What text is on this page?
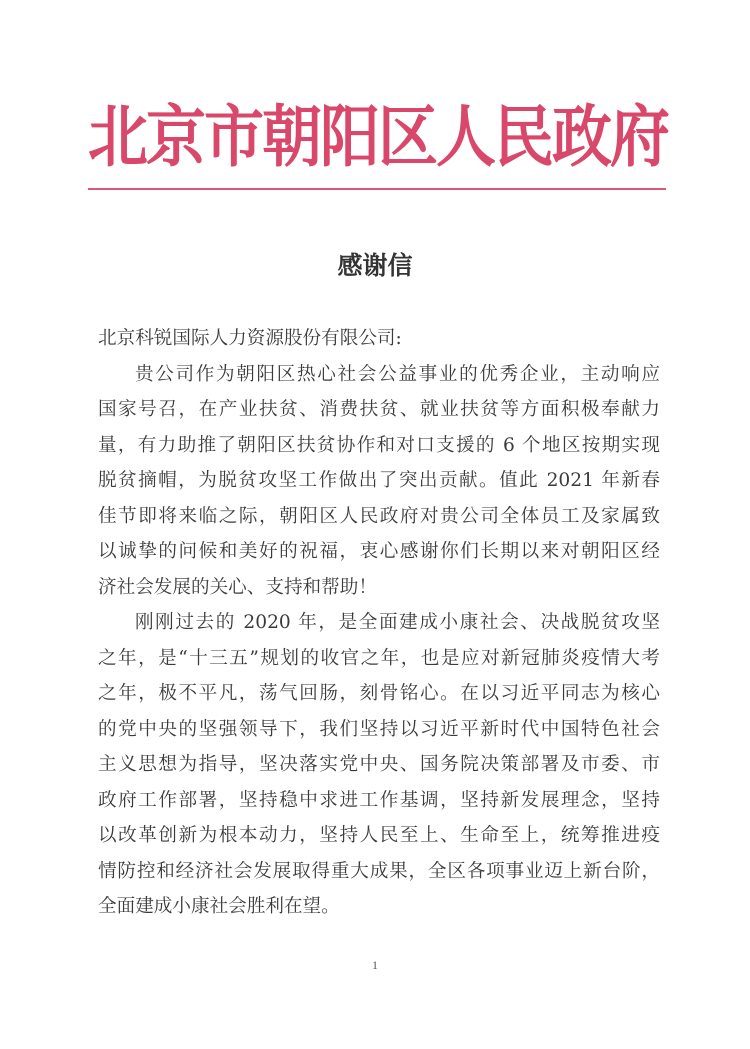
北
京
市
朝
阳
区
人
民
政
府
感谢信
北京科锐国际人力资源股份有限公司:
贵公司作为朝阳区热心社会公益事业的优秀企业，主动响应
国家号召，在产业扶贫、消费扶贫、就业扶贫等方面积极奉献力
量，有力助推了朝阳区扶贫协作和对口支援的 6 个地区按期实现
脱贫摘帽，为脱贫攻坚工作做出了突出贡献。值此 2021 年新春
佳节即将来临之际，朝阳区人民政府对贵公司全体员工及家属致
以诚挚的问候和美好的祝福，衷心感谢你们长期以来对朝阳区经
济社会发展的关心、支持和帮助！
刚刚过去的 2020 年，是全面建成小康社会、决战脱贫攻坚
之年，是“十三五”规划的收官之年，也是应对新冠肺炎疫情大考
之年，极不平凡，荡气回肠，刻骨铭心。在以习近平同志为核心
的党中央的坚强领导下，我们坚持以习近平新时代中国特色社会
主义思想为指导，坚决落实党中央、国务院决策部署及市委、市
政府工作部署，坚持稳中求进工作基调，坚持新发展理念，坚持
以改革创新为根本动力，坚持人民至上、生命至上，统筹推进疫
情防控和经济社会发展取得重大成果，全区各项事业迈上新台阶，
全面建成小康社会胜利在望。
1
